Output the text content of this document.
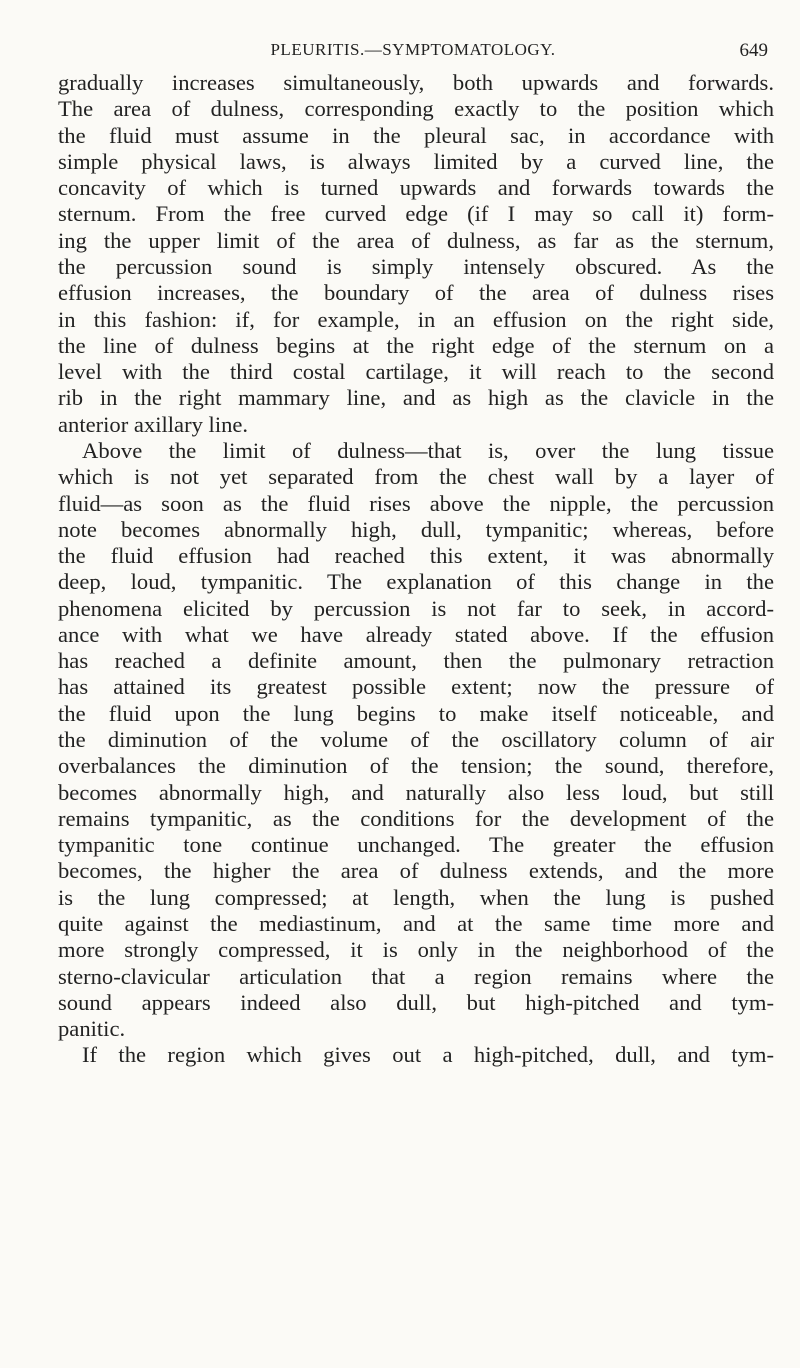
PLEURITIS.—SYMPTOMATOLOGY.	649
gradually increases simultaneously, both upwards and forwards.
The area of dulness, corresponding exactly to the position which
the fluid must assume in the pleural sac, in accordance with
simple physical laws, is always limited by a curved line, the
concavity of which is turned upwards and forwards towards the
sternum. From the free curved edge (if I may so call it) form-
ing the upper limit of the area of dulness, as far as the sternum,
the percussion sound is simply intensely obscured. As the
effusion increases, the boundary of the area of dulness rises
in this fashion: if, for example, in an effusion on the right side,
the line of dulness begins at the right edge of the sternum on a
level with the third costal cartilage, it will reach to the second
rib in the right mammary line, and as high as the clavicle in the
anterior axillary line.
Above the limit of dulness—that is, over the lung tissue
which is not yet separated from the chest wall by a layer of
fluid—as soon as the fluid rises above the nipple, the percussion
note becomes abnormally high, dull, tympanitic; whereas, before
the fluid effusion had reached this extent, it was abnormally
deep, loud, tympanitic. The explanation of this change in the
phenomena elicited by percussion is not far to seek, in accord-
ance with what we have already stated above. If the effusion
has reached a definite amount, then the pulmonary retraction
has attained its greatest possible extent; now the pressure of
the fluid upon the lung begins to make itself noticeable, and
the diminution of the volume of the oscillatory column of air
overbalances the diminution of the tension; the sound, therefore,
becomes abnormally high, and naturally also less loud, but still
remains tympanitic, as the conditions for the development of the
tympanitic tone continue unchanged. The greater the effusion
becomes, the higher the area of dulness extends, and the more
is the lung compressed; at length, when the lung is pushed
quite against the mediastinum, and at the same time more and
more strongly compressed, it is only in the neighborhood of the
sterno-clavicular articulation that a region remains where the
sound appears indeed also dull, but high-pitched and tym-
panitic.
If the region which gives out a high-pitched, dull, and tym-
